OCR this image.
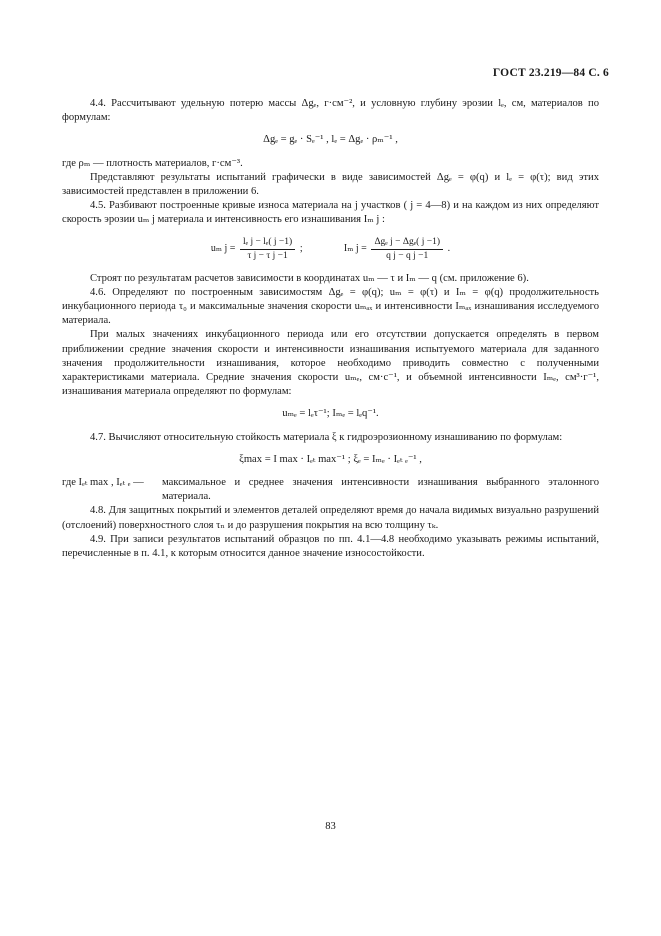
ГОСТ 23.219—84 С. 6

4.4. Рассчитывают удельную потерю массы Δgₑ, г·см⁻², и условную глубину эрозии lₑ, см, материалов по формулам:

Δgₑ = gₑ · Sₑ⁻¹ , lₑ = Δgₑ · ρₘ⁻¹ ,

где ρₘ — плотность материалов, г·см⁻³.

Представляют результаты испытаний графически в виде зависимостей Δgₑ = φ(q) и lₑ = φ(τ); вид этих зависимостей представлен в приложении 6.

4.5. Разбивают построенные кривые износа материала на j участков ( j = 4—8) и на каждом из них определяют скорость эрозии uₘ j материала и интенсивность его изнашивания Iₘ j :

uₘ $j = \frac{\text{lₑ j − lₑ( j −1)}}{\text{τ j − τ j −1}}$ ;	Iₘ $j = \frac{\text{Δgₑ j − Δgₑ( j −1)}}{\text{q j − q j −1}}$ .

Строят по результатам расчетов зависимости в координатах uₘ — τ и Iₘ — q (см. приложение 6).

4.6. Определяют по построенным зависимостям Δgₑ = φ(q); uₘ = φ(τ) и Iₘ = φ(q) продолжительность инкубационного периода τ₀ и максимальные значения скорости uₘₐₓ и интенсивности Iₘₐₓ изнашивания исследуемого материала.

При малых значениях инкубационного периода или его отсутствии допускается определять в первом приближении средние значения скорости и интенсивности изнашивания испытуемого материала для заданного значения продолжительности изнашивания, которое необходимо приводить совместно с полученными характеристиками материала. Средние значения скорости uₘₑ, см·с⁻¹, и объемной интенсивности Iₘₑ, см³·г⁻¹, изнашивания материала определяют по формулам:

uₘₑ = lₑτ⁻¹; Iₘₑ = lₑq⁻¹.

4.7. Вычисляют относительную стойкость материала ξ к гидроэрозионному изнашиванию по формулам:

ξmax = I max · Iₑₜ max⁻¹ ; ξₑ = Iₘₑ · Iₑₜ ₑ⁻¹ ,
где Iₑₜ max , Iₑₜ ₑ —	максимальное и среднее значения интенсивности изнашивания выбранного эталонного материала.

4.8. Для защитных покрытий и элементов деталей определяют время до начала видимых визуально разрушений (отслоений) поверхностного слоя τₙ и до разрушения покрытия на всю толщину τₖ.

4.9. При записи результатов испытаний образцов по пп. 4.1—4.8 необходимо указывать режимы испытаний, перечисленные в п. 4.1, к которым относится данное значение износостойкости.

83
